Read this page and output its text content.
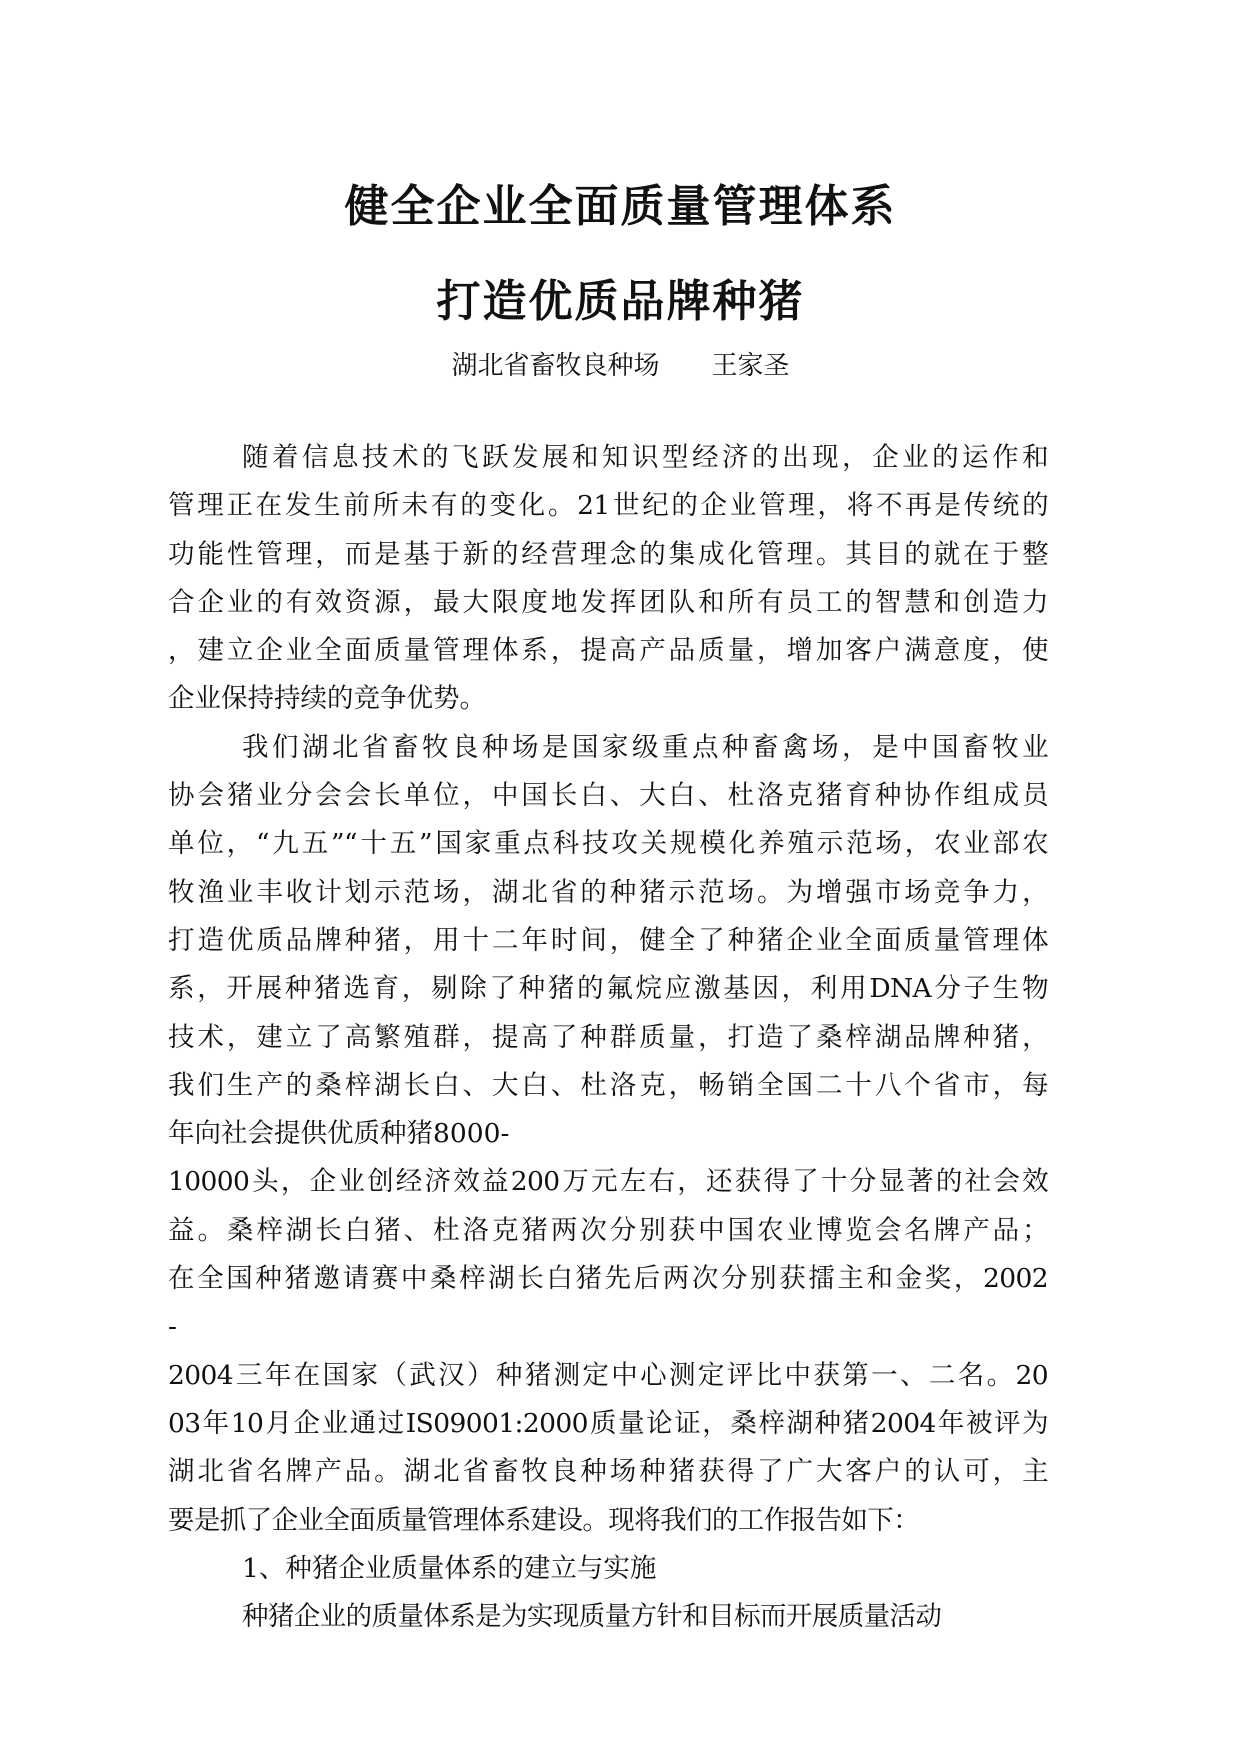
健全企业全面质量管理体系
打造优质品牌种猪
湖北省畜牧良种场　　王家圣
随着信息技术的飞跃发展和知识型经济的出现，企业的运作和
管理正在发生前所未有的变化。21世纪的企业管理，将不再是传统的
功能性管理，而是基于新的经营理念的集成化管理。其目的就在于整
合企业的有效资源，最大限度地发挥团队和所有员工的智慧和创造力
，建立企业全面质量管理体系，提高产品质量，增加客户满意度，使
企业保持持续的竞争优势。
我们湖北省畜牧良种场是国家级重点种畜禽场，是中国畜牧业
协会猪业分会会长单位，中国长白、大白、杜洛克猪育种协作组成员
单位，“九五”“十五”国家重点科技攻关规模化养殖示范场，农业部农
牧渔业丰收计划示范场，湖北省的种猪示范场。为增强市场竞争力，
打造优质品牌种猪，用十二年时间，健全了种猪企业全面质量管理体
系，开展种猪选育，剔除了种猪的氟烷应激基因，利用DNA分子生物
技术，建立了高繁殖群，提高了种群质量，打造了桑梓湖品牌种猪，
我们生产的桑梓湖长白、大白、杜洛克，畅销全国二十八个省市，每
年向社会提供优质种猪8000-
10000头，企业创经济效益200万元左右，还获得了十分显著的社会效
益。桑梓湖长白猪、杜洛克猪两次分别获中国农业博览会名牌产品；
在全国种猪邀请赛中桑梓湖长白猪先后两次分别获擂主和金奖，2002
-
2004三年在国家（武汉）种猪测定中心测定评比中获第一、二名。20
03年10月企业通过IS09001:2000质量论证，桑梓湖种猪2004年被评为
湖北省名牌产品。湖北省畜牧良种场种猪获得了广大客户的认可，主
要是抓了企业全面质量管理体系建设。现将我们的工作报告如下：
1、种猪企业质量体系的建立与实施
种猪企业的质量体系是为实现质量方针和目标而开展质量活动
